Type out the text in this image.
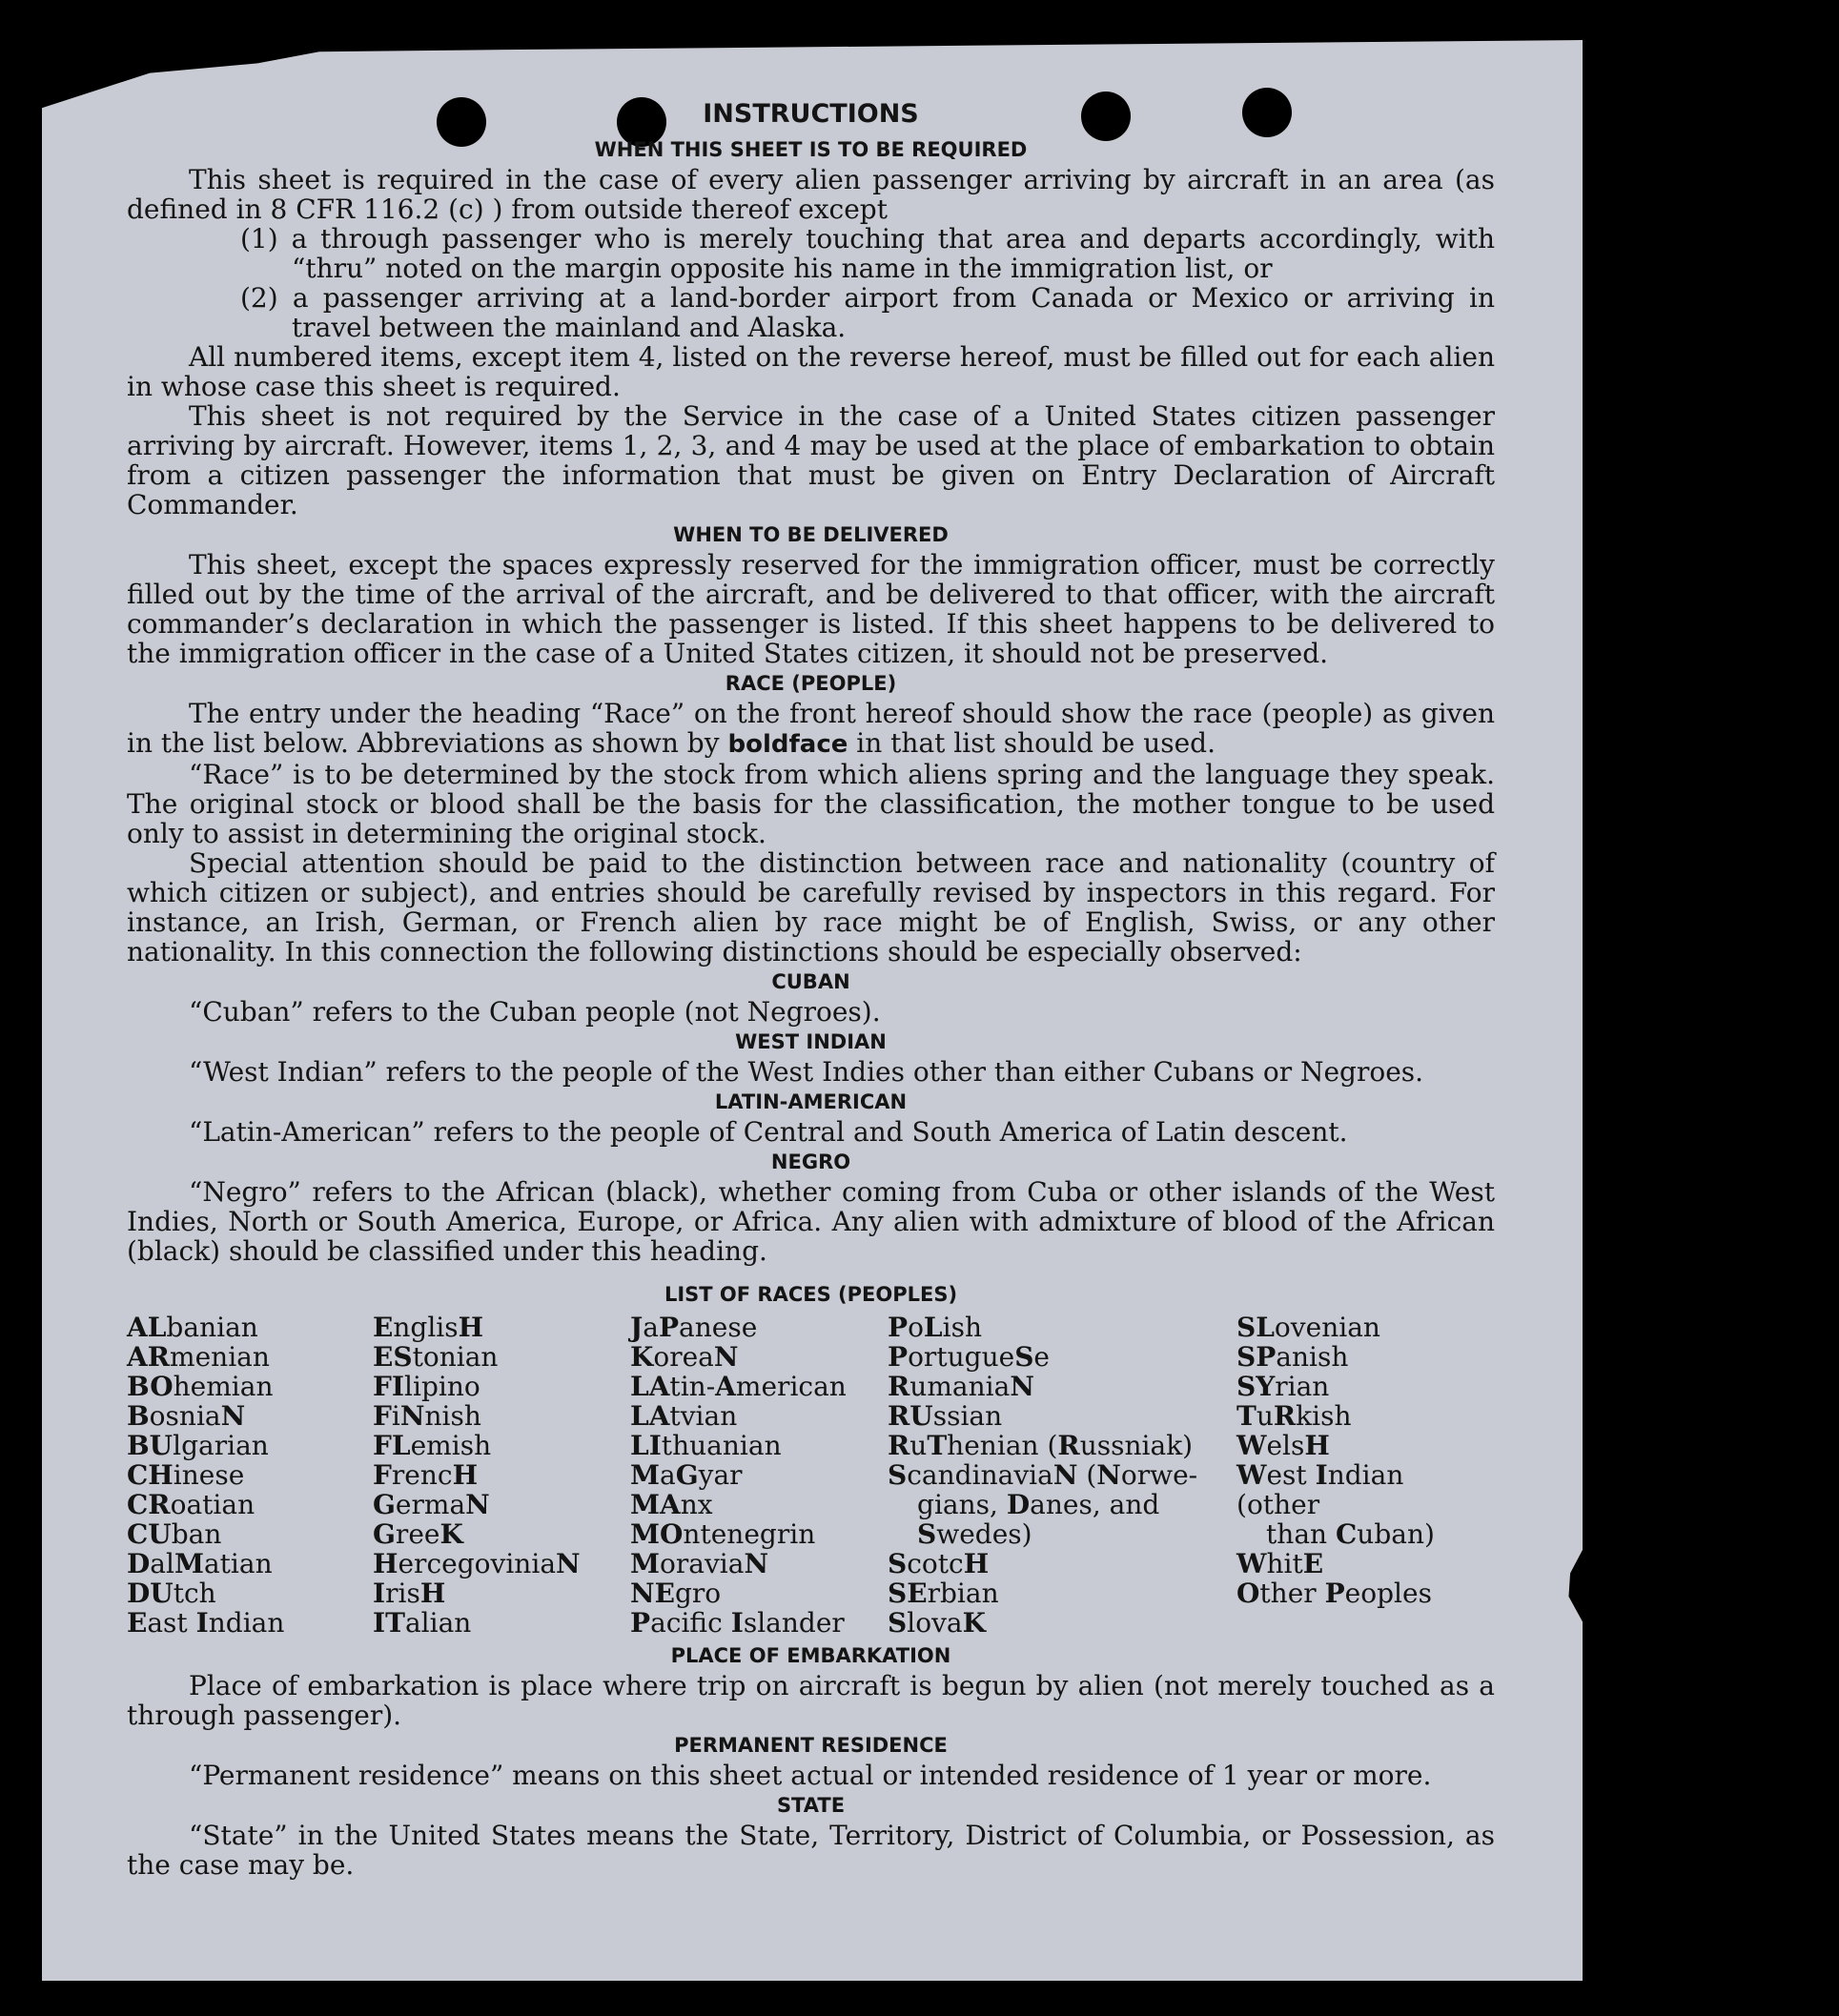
INSTRUCTIONS
WHEN THIS SHEET IS TO BE REQUIRED

This sheet is required in the case of every alien passenger arriving by aircraft in an area (as defined in 8 CFR 116.2 (c) ) from outside thereof except

(1) a through passenger who is merely touching that area and departs accordingly, with “thru” noted on the margin opposite his name in the immigration list, or

(2) a passenger arriving at a land-border airport from Canada or Mexico or arriving in travel between the mainland and Alaska.

All numbered items, except item 4, listed on the reverse hereof, must be filled out for each alien in whose case this sheet is required.

This sheet is not required by the Service in the case of a United States citizen passenger arriving by aircraft. However, items 1, 2, 3, and 4 may be used at the place of embarkation to obtain from a citizen passenger the information that must be given on Entry Declaration of Aircraft Commander.

WHEN TO BE DELIVERED

This sheet, except the spaces expressly reserved for the immigration officer, must be correctly filled out by the time of the arrival of the aircraft, and be delivered to that officer, with the aircraft commander’s declaration in which the passenger is listed. If this sheet happens to be delivered to the immigration officer in the case of a United States citizen, it should not be preserved.

RACE (PEOPLE)

The entry under the heading “Race” on the front hereof should show the race (people) as given in the list below. Abbreviations as shown by boldface in that list should be used.

“Race” is to be determined by the stock from which aliens spring and the language they speak. The original stock or blood shall be the basis for the classification, the mother tongue to be used only to assist in determining the original stock.

Special attention should be paid to the distinction between race and nationality (country of which citizen or subject), and entries should be carefully revised by inspectors in this regard. For instance, an Irish, German, or French alien by race might be of English, Swiss, or any other nationality. In this connection the following distinctions should be especially observed:

CUBAN

“Cuban” refers to the Cuban people (not Negroes).

WEST INDIAN

“West Indian” refers to the people of the West Indies other than either Cubans or Negroes.

LATIN-AMERICAN

“Latin-American” refers to the people of Central and South America of Latin descent.

NEGRO

“Negro” refers to the African (black), whether coming from Cuba or other islands of the West Indies, North or South America, Europe, or Africa. Any alien with admixture of blood of the African (black) should be classified under this heading.

LIST OF RACES (PEOPLES)
ALbanian
ARmenian
BOhemian
BosniaN
BUlgarian
CHinese
CRoatian
CUban
DalMatian
DUtch
East Indian
EnglisH
EStonian
FIlipino
FiNnish
FLemish
FrencH
GermaN
GreeK
HercegoviniaN
IrisH
ITalian
JaPanese
KoreaN
LAtin-American
LAtvian
LIthuanian
MaGyar
MAnx
MOntenegrin
MoraviaN
NEgro
Pacifc Islander
PoLish
PortugueSe
RumaniaN
RUssian
RuThenian (Russniak)
ScandinaviaN (Norwe-
gians, Danes, and
Swedes)
ScotcH
SErbian
SlovaK
SLovenian
SPanish
SYrian
TuRkish
WelsH
West Indian (other
than Cuban)
WhitE
Other Peoples
PLACE OF EMBARKATION

Place of embarkation is place where trip on aircraft is begun by alien (not merely touched as a through passenger).

PERMANENT RESIDENCE

“Permanent residence” means on this sheet actual or intended residence of 1 year or more.

STATE

“State” in the United States means the State, Territory, District of Columbia, or Possession, as the case may be.
